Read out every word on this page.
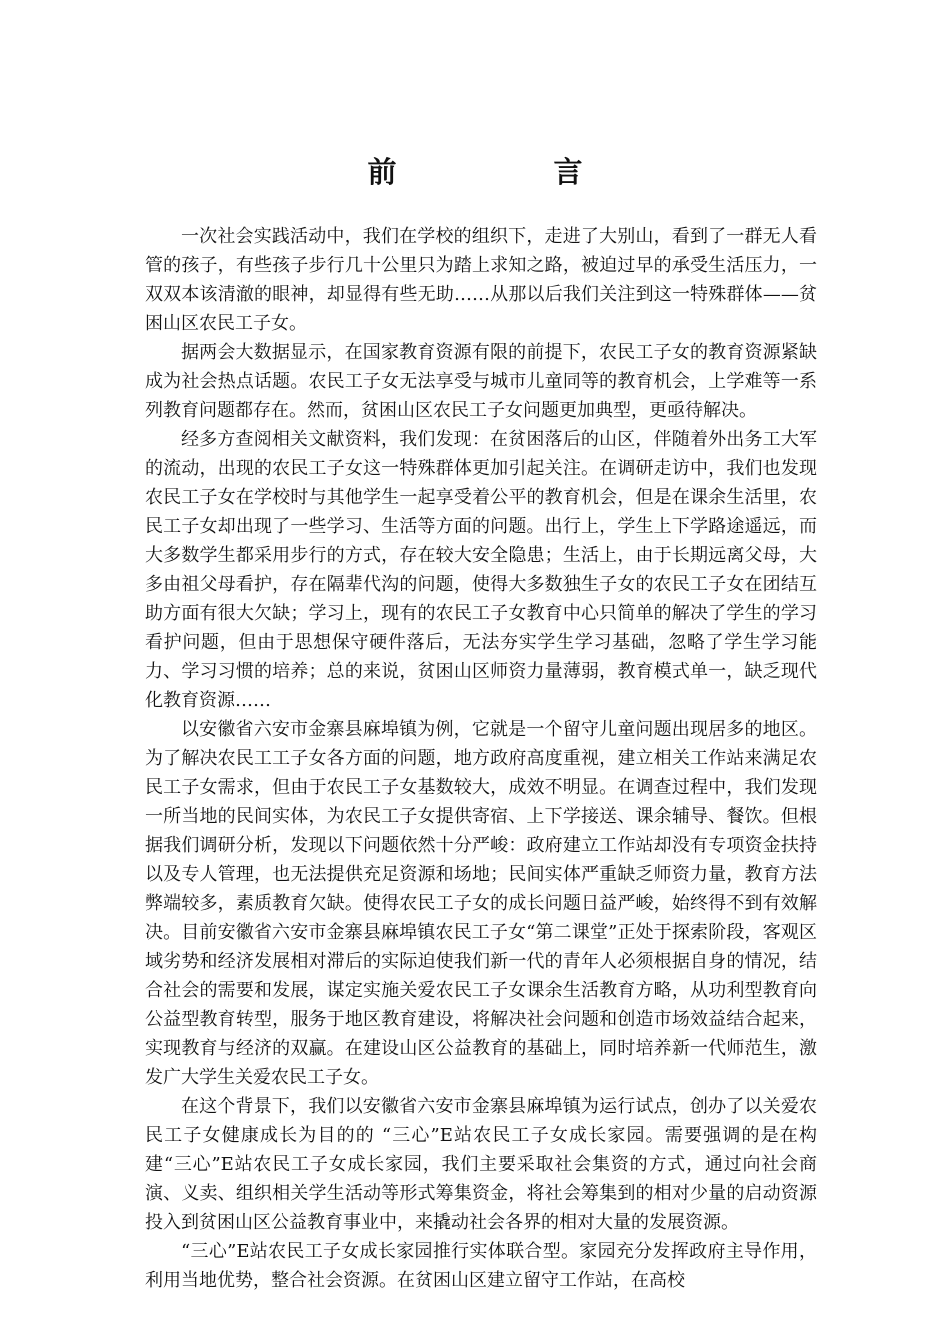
前　言

一次社会实践活动中，我们在学校的组织下，走进了大别山，看到了一群无人看管的孩子，有些孩子步行几十公里只为踏上求知之路，被迫过早的承受生活压力，一双双本该清澈的眼神，却显得有些无助……从那以后我们关注到这一特殊群体——贫困山区农民工子女。

据两会大数据显示，在国家教育资源有限的前提下，农民工子女的教育资源紧缺成为社会热点话题。农民工子女无法享受与城市儿童同等的教育机会，上学难等一系列教育问题都存在。然而，贫困山区农民工子女问题更加典型，更亟待解决。

经多方查阅相关文献资料，我们发现：在贫困落后的山区，伴随着外出务工大军的流动，出现的农民工子女这一特殊群体更加引起关注。在调研走访中，我们也发现农民工子女在学校时与其他学生一起享受着公平的教育机会，但是在课余生活里，农民工子女却出现了一些学习、生活等方面的问题。出行上，学生上下学路途遥远，而大多数学生都采用步行的方式，存在较大安全隐患；生活上，由于长期远离父母，大多由祖父母看护，存在隔辈代沟的问题，使得大多数独生子女的农民工子女在团结互助方面有很大欠缺；学习上，现有的农民工子女教育中心只简单的解决了学生的学习看护问题，但由于思想保守硬件落后，无法夯实学生学习基础，忽略了学生学习能力、学习习惯的培养；总的来说，贫困山区师资力量薄弱，教育模式单一，缺乏现代化教育资源……

以安徽省六安市金寨县麻埠镇为例，它就是一个留守儿童问题出现居多的地区。为了解决农民工工子女各方面的问题，地方政府高度重视，建立相关工作站来满足农民工子女需求，但由于农民工子女基数较大，成效不明显。在调查过程中，我们发现一所当地的民间实体，为农民工子女提供寄宿、上下学接送、课余辅导、餐饮。但根据我们调研分析，发现以下问题依然十分严峻：政府建立工作站却没有专项资金扶持以及专人管理，也无法提供充足资源和场地；民间实体严重缺乏师资力量，教育方法弊端较多，素质教育欠缺。使得农民工子女的成长问题日益严峻，始终得不到有效解决。目前安徽省六安市金寨县麻埠镇农民工子女“第二课堂”正处于探索阶段，客观区域劣势和经济发展相对滞后的实际迫使我们新一代的青年人必须根据自身的情况，结合社会的需要和发展，谋定实施关爱农民工子女课余生活教育方略，从功利型教育向公益型教育转型，服务于地区教育建设，将解决社会问题和创造市场效益结合起来，实现教育与经济的双赢。在建设山区公益教育的基础上，同时培养新一代师范生，激发广大学生关爱农民工子女。

在这个背景下，我们以安徽省六安市金寨县麻埠镇为运行试点，创办了以关爱农民工子女健康成长为目的的 “三心”E站农民工子女成长家园。需要强调的是在构建“三心”E站农民工子女成长家园，我们主要采取社会集资的方式，通过向社会商演、义卖、组织相关学生活动等形式筹集资金，将社会筹集到的相对少量的启动资源投入到贫困山区公益教育事业中，来撬动社会各界的相对大量的发展资源。

“三心”E站农民工子女成长家园推行实体联合型。家园充分发挥政府主导作用，利用当地优势，整合社会资源。在贫困山区建立留守工作站，在高校
